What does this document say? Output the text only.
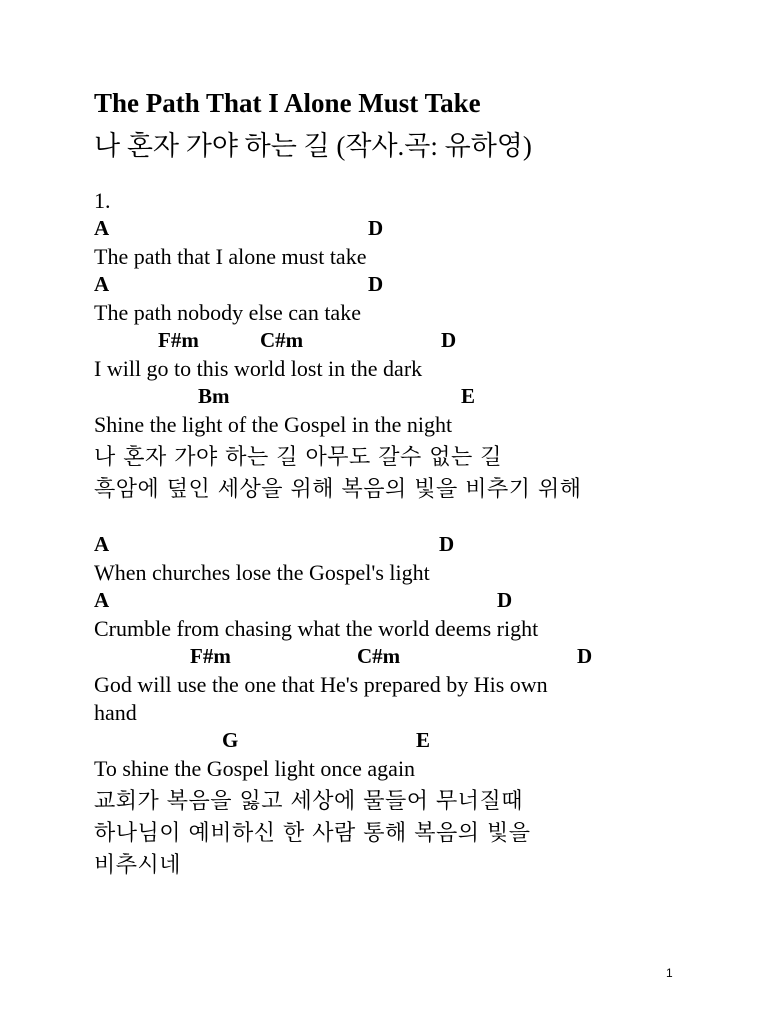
The Path That I Alone Must Take
나 혼자 가야 하는 길 (작사.곡: 유하영)
1.
A	D
The path that I alone must take
A	D
The path nobody else can take
F#m	C#m	D
I will go to this world lost in the dark
Bm	E
Shine the light of the Gospel in the night
나 혼자 가야 하는 길 아무도 갈수 없는 길
흑암에 덮인 세상을 위해 복음의 빛을 비추기 위해
A	D
When churches lose the Gospel's light
A	D
Crumble from chasing what the world deems right
F#m	C#m	D
God will use the one that He's prepared by His own
hand
G	E
To shine the Gospel light once again
교회가 복음을 잃고 세상에 물들어 무너질때
하나님이 예비하신 한 사람 통해 복음의 빛을
비추시네
1
